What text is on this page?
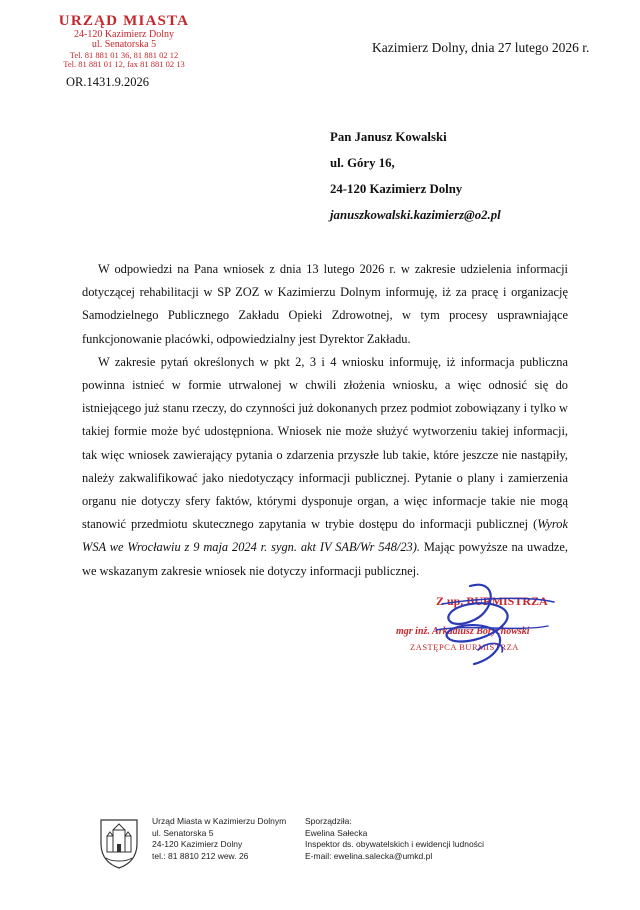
URZĄD MIASTA
24-120 Kazimierz Dolny
ul. Senatorska 5
Tel. 81 881 01 36, 81 881 02 12
Tel. 81 881 01 12, fax 81 881 02 13
OR.1431.9.2026
Kazimierz Dolny, dnia 27 lutego 2026 r.
Pan Janusz Kowalski
ul. Góry 16,
24-120 Kazimierz Dolny
januszkowalski.kazimierz@o2.pl

W odpowiedzi na Pana wniosek z dnia 13 lutego 2026 r. w zakresie udzielenia informacji dotyczącej rehabilitacji w SP ZOZ w Kazimierzu Dolnym informuję, iż za pracę i organizację Samodzielnego Publicznego Zakładu Opieki Zdrowotnej, w tym procesy usprawniające funkcjonowanie placówki, odpowiedzialny jest Dyrektor Zakładu.

W zakresie pytań określonych w pkt 2, 3 i 4 wniosku informuję, iż informacja publiczna powinna istnieć w formie utrwalonej w chwili złożenia wniosku, a więc odnosić się do istniejącego już stanu rzeczy, do czynności już dokonanych przez podmiot zobowiązany i tylko w takiej formie może być udostępniona. Wniosek nie może służyć wytworzeniu takiej informacji, tak więc wniosek zawierający pytania o zdarzenia przyszłe lub takie, które jeszcze nie nastąpiły, należy zakwalifikować jako niedotyczący informacji publicznej. Pytanie o plany i zamierzenia organu nie dotyczy sfery faktów, którymi dysponuje organ, a więc informacje takie nie mogą stanowić przedmiotu skutecznego zapytania w trybie dostępu do informacji publicznej (Wyrok WSA we Wrocławiu z 9 maja 2024 r. sygn. akt IV SAB/Wr 548/23). Mając powyższe na uwadze, we wskazanym zakresie wniosek nie dotyczy informacji publicznej.

Z up. BURMISTRZA
mgr inż. Arkadiusz Borychowski
ZASTĘPCA BURMISTRZA
Urząd Miasta w Kazimierzu Dolnym
ul. Senatorska 5
24-120 Kazimierz Dolny
tel.: 81 8810 212 wew. 26
Sporządziła:
Ewelina Sałecka
Inspektor ds. obywatelskich i ewidencji ludności
E-mail: ewelina.salecka@umkd.pl
